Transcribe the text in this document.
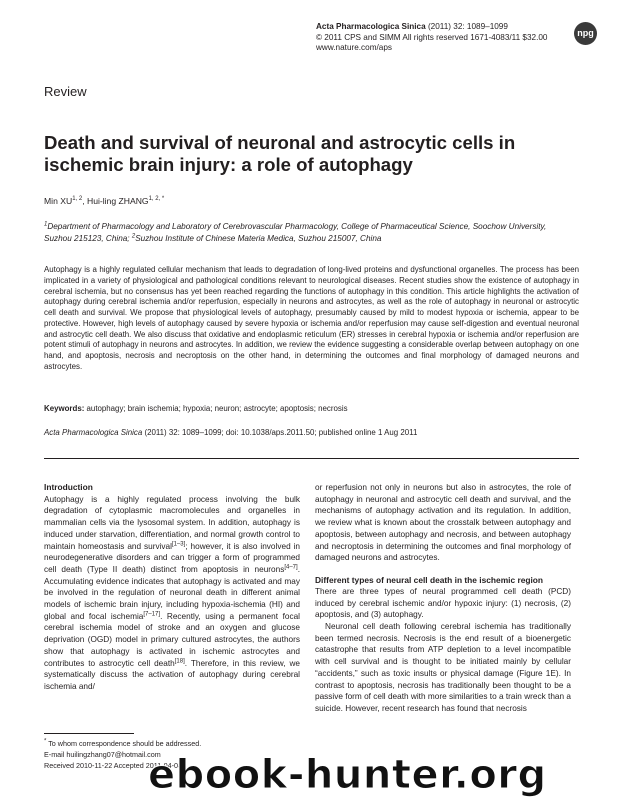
Acta Pharmacologica Sinica (2011) 32: 1089–1099
© 2011 CPS and SIMM All rights reserved 1671-4083/11 $32.00
www.nature.com/aps
npg
Review
Death and survival of neuronal and astrocytic cells in ischemic brain injury: a role of autophagy
Min XU$^{1, 2}$, Hui-ling $ZHANG^{1, 2, *}$
$^1$Department of Pharmacology and Laboratory of Cerebrovascular Pharmacology, College of Pharmaceutical Science, Soochow University, Suzhou 215123, China; $^2$Suzhou Institute of Chinese Materia Medica, Suzhou 215007, China
Autophagy is a highly regulated cellular mechanism that leads to degradation of long-lived proteins and dysfunctional organelles. The process has been implicated in a variety of physiological and pathological conditions relevant to neurological diseases. Recent studies show the existence of autophagy in cerebral ischemia, but no consensus has yet been reached regarding the functions of autophagy in this condition. This article highlights the activation of autophagy during cerebral ischemia and/or reperfusion, especially in neurons and astrocytes, as well as the role of autophagy in neuronal or astrocytic cell death and survival. We propose that physiological levels of autophagy, presumably caused by mild to modest hypoxia or ischemia, appear to be protective. However, high levels of autophagy caused by severe hypoxia or ischemia and/or reperfusion may cause self-digestion and eventual neuronal and astrocytic cell death. We also discuss that oxidative and endoplasmic reticulum (ER) stresses in cerebral hypoxia or ischemia and/or reperfusion are potent stimuli of autophagy in neurons and astrocytes. In addition, we review the evidence suggesting a considerable overlap between autophagy on one hand, and apoptosis, necrosis and necroptosis on the other hand, in determining the outcomes and final morphology of damaged neurons and astrocytes.
Keywords: autophagy; brain ischemia; hypoxia; neuron; astrocyte; apoptosis; necrosis
Acta Pharmacologica Sinica (2011) 32: 1089–1099; doi: 10.1038/aps.2011.50; published online 1 Aug 2011

Introduction

Autophagy is a highly regulated process involving the bulk degradation of cytoplasmic macromolecules and organelles in mammalian cells via the lysosomal system. In addition, autophagy is induced under starvation, differentiation, and normal growth control to maintain homeostasis and survival[1–3]; however, it is also involved in neurodegenerative disorders and can trigger a form of programmed cell death (Type II death) distinct from apoptosis in neurons[4–7]. Accumulating evidence indicates that autophagy is activated and may be involved in the regulation of neuronal death in different animal models of ischemic brain injury, including hypoxia-ischemia (HI) and global and focal ischemia[7–17]. Recently, using a permanent focal cerebral ischemia model of stroke and an oxygen and glucose deprivation (OGD) model in primary cultured astrocytes, the authors show that autophagy is activated in ischemic astrocytes and contributes to astrocytic cell death[18]. Therefore, in this review, we systematically discuss the activation of autophagy during cerebral ischemia and/

or reperfusion not only in neurons but also in astrocytes, the role of autophagy in neuronal and astrocytic cell death and survival, and the mechanisms of autophagy activation and its regulation. In addition, we review what is known about the crosstalk between autophagy and apoptosis, between autophagy and necrosis, and between autophagy and necroptosis in determining the outcomes and final morphology of damaged neurons and astrocytes.

Different types of neural cell death in the ischemic region

There are three types of neural programmed cell death (PCD) induced by cerebral ischemic and/or hypoxic injury: (1) necrosis, (2) apoptosis, and (3) autophagy.

Neuronal cell death following cerebral ischemia has traditionally been termed necrosis. Necrosis is the end result of a bioenergetic catastrophe that results from ATP depletion to a level incompatible with cell survival and is thought to be initiated mainly by cellular “accidents,” such as toxic insults or physical damage (Figure 1E). In contrast to apoptosis, necrosis has traditionally been thought to be a passive form of cell death with more similarities to a train wreck than a suicide. However, recent research has found that necrosis

* To whom correspondence should be addressed.
E-mail huilingzhang07@hotmail.com
Received 2010-11-22 Accepted 2011-04-08
ebook-hunter.org
